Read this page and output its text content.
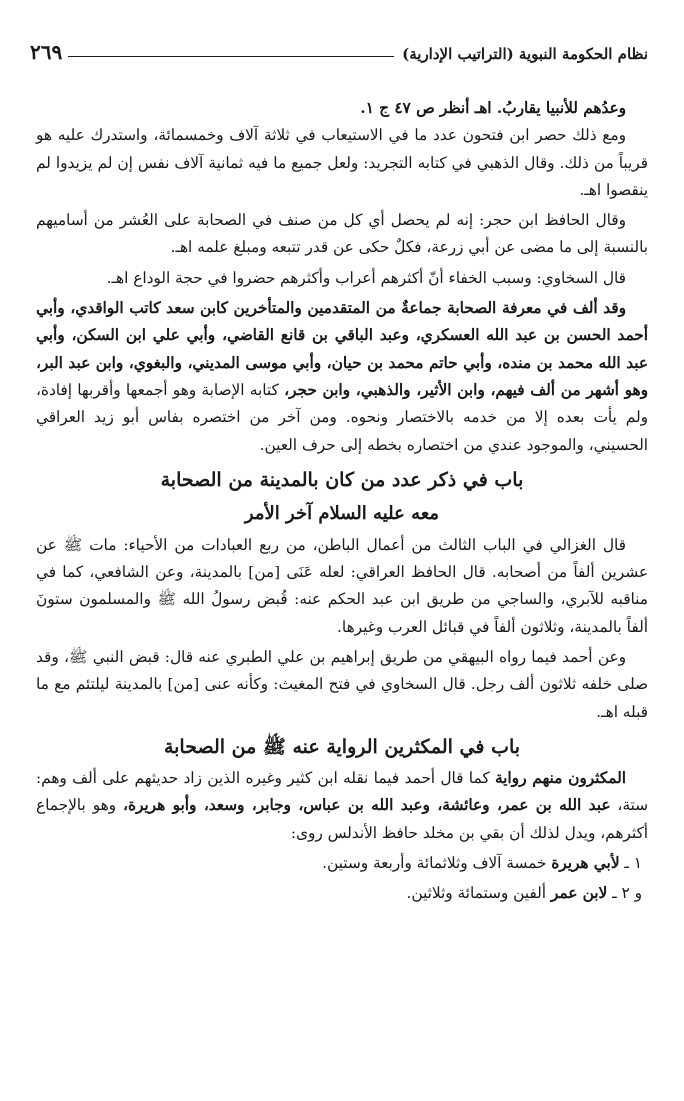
٢٦٩	نظام الحكومة النبوية (التراتيب الإدارية)

وعدُهم للأنبيا يقاربُ. اهـ أنظر ص ٤٧ ج ١.

ومع ذلك حصر ابن فتحون عدد ما في الاستيعاب في ثلاثة آلاف وخمسمائة، واستدرك عليه هو قريباً من ذلك. وقال الذهبي في كتابه التجريد: ولعل جميع ما فيه ثمانية آلاف نفس إن لم يزيدوا لم ينقصوا اهـ.

وقال الحافظ ابن حجر: إنه لم يحصل أي كل من صنف في الصحابة على العُشر من أساميهم بالنسبة إلى ما مضى عن أبي زرعة، فكلٌ حكى عن قدر تتبعه ومبلغ علمه اهـ.

قال السخاوي: وسبب الخفاء أنّ أكثرهم أعراب وأكثرهم حضروا في حجة الوداع اهـ.

وقد ألف في معرفة الصحابة جماعةٌ من المتقدمين والمتأخرين كابن سعد كاتب الواقدي، وأبي أحمد الحسن بن عبد الله العسكري، وعبد الباقي بن قانع القاضي، وأبي علي ابن السكن، وأبي عبد الله محمد بن منده، وأبي حاتم محمد بن حيان، وأبي موسى المديني، والبغوي، وابن عبد البر، وهو أشهر من ألف فيهم، وابن الأثير، والذهبي، وابن حجر، كتابه الإصابة وهو أجمعها وأقربها إفادة، ولم يأت بعده إلا من خدمه بالاختصار ونحوه. ومن آخر من اختصره بفاس أبو زيد العراقي الحسيني، والموجود عندي من اختصاره بخطه إلى حرف العين.

باب في ذكر عدد من كان بالمدينة من الصحابة
معه عليه السلام آخر الأمر

قال الغزالي في الباب الثالث من أعمال الباطن، من ربع العبادات من الأحياء: مات ﷺ عن عشرين ألفاً من أصحابه. قال الحافظ العراقي: لعله عَنَى [من] بالمدينة، وعن الشافعي، كما في مناقبه للآبري، والساجي من طريق ابن عبد الحكم عنه: قُبض رسولُ الله ﷺ والمسلمون ستونَ ألفاً بالمدينة، وثلاثون ألفاً في قبائل العرب وغيرها.

وعن أحمد فيما رواه البيهقي من طريق إبراهيم بن علي الطبري عنه قال: قبض النبي ﷺ، وقد صلى خلفه ثلاثون ألف رجل. قال السخاوي في فتح المغيث: وكأنه عنى [من] بالمدينة ليلتئم مع ما قبله اهـ.

باب في المكثرين الرواية عنه ﷺ من الصحابة

المكثرون منهم رواية كما قال أحمد فيما نقله ابن كثير وغيره الذين زاد حديثهم على ألف وهم: ستة، عبد الله بن عمر، وعائشة، وعبد الله بن عباس، وجابر، وسعد، وأبو هريرة، وهو بالإجماع أكثرهم، ويدل لذلك أن بقي بن مخلد حافظ الأندلس روى:

١ ـ لأبي هريرة خمسة آلاف وثلاثمائة وأربعة وستين.

و ٢ ـ لابن عمر ألفين وستمائة وثلاثين.
